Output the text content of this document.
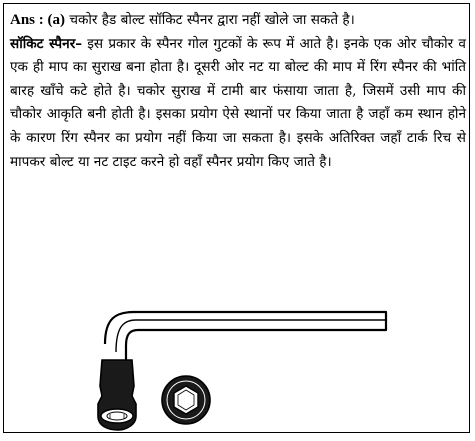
Ans : (a) चकोर हैड बोल्ट सॉकिट स्पैनर द्वारा नहीं खोले जा सकते है।

सॉकिट स्पैनर– इस प्रकार के स्पैनर गोल गुटकों के रूप में आते है। इनके एक ओर चौकोर व एक ही माप का सुराख बना होता है। दूसरी ओर नट या बोल्ट की माप में रिंग स्पैनर की भांति बारह खाँचे कटे होते है। चकोर सुराख में टामी बार फंसाया जाता है, जिसमें उसी माप की चौकोर आकृति बनी होती है। इसका प्रयोग ऐसे स्थानों पर किया जाता है जहाँ कम स्थान होने के कारण रिंग स्पैनर का प्रयोग नहीं किया जा सकता है। इसके अतिरिक्त जहाँ टार्क रिच से मापकर बोल्ट या नट टाइट करने हो वहाँ स्पैनर प्रयोग किए जाते है।
